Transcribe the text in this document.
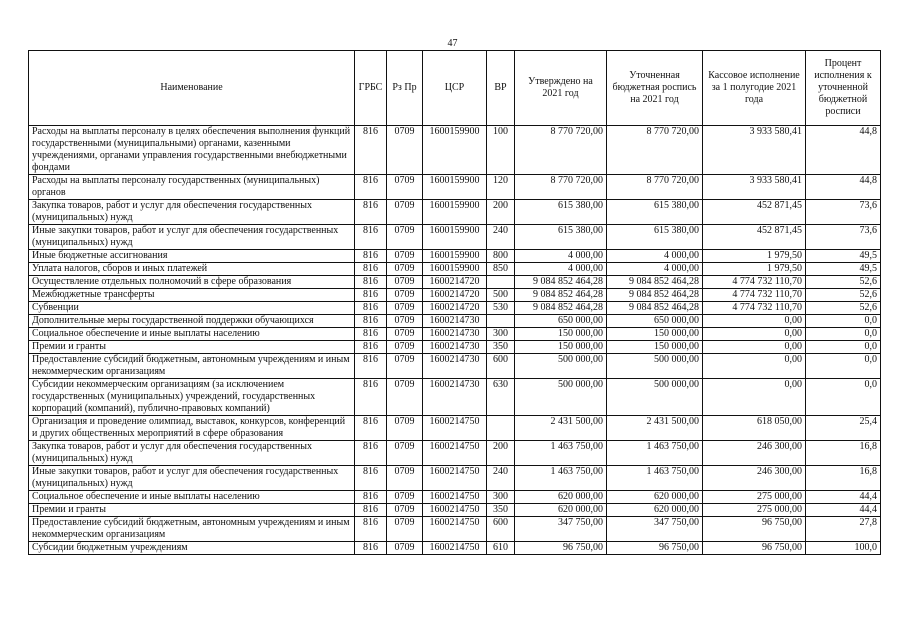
47
Наименование	ГРБС	Рз Пр	ЦСР	ВР	Утверждено на 2021 год	Уточненная бюджетная роспись на 2021 год	Кассовое исполнение за 1 полугодие 2021 года	Процент исполнения к уточненной бюджетной росписи
Расходы на выплаты персоналу в целях обеспечения выполнения функций государственными (муниципальными) органами, казенными учреждениями, органами управления государственными внебюджетными фондами	816	0709	1600159900	100	8 770 720,00	8 770 720,00	3 933 580,41	44,8
Расходы на выплаты персоналу государственных (муниципальных) органов	816	0709	1600159900	120	8 770 720,00	8 770 720,00	3 933 580,41	44,8
Закупка товаров, работ и услуг для обеспечения государственных (муниципальных) нужд	816	0709	1600159900	200	615 380,00	615 380,00	452 871,45	73,6
Иные закупки товаров, работ и услуг для обеспечения государственных (муниципальных) нужд	816	0709	1600159900	240	615 380,00	615 380,00	452 871,45	73,6
Иные бюджетные ассигнования	816	0709	1600159900	800	4 000,00	4 000,00	1 979,50	49,5
Уплата налогов, сборов и иных платежей	816	0709	1600159900	850	4 000,00	4 000,00	1 979,50	49,5
Осуществление отдельных полномочий в сфере образования	816	0709	1600214720		9 084 852 464,28	9 084 852 464,28	4 774 732 110,70	52,6
Межбюджетные трансферты	816	0709	1600214720	500	9 084 852 464,28	9 084 852 464,28	4 774 732 110,70	52,6
Субвенции	816	0709	1600214720	530	9 084 852 464,28	9 084 852 464,28	4 774 732 110,70	52,6
Дополнительные меры государственной поддержки обучающихся	816	0709	1600214730		650 000,00	650 000,00	0,00	0,0
Социальное обеспечение и иные выплаты населению	816	0709	1600214730	300	150 000,00	150 000,00	0,00	0,0
Премии и гранты	816	0709	1600214730	350	150 000,00	150 000,00	0,00	0,0
Предоставление субсидий бюджетным, автономным учреждениям и иным некоммерческим организациям	816	0709	1600214730	600	500 000,00	500 000,00	0,00	0,0
Субсидии некоммерческим организациям (за исключением государственных (муниципальных) учреждений, государственных корпораций (компаний), публично-правовых компаний)	816	0709	1600214730	630	500 000,00	500 000,00	0,00	0,0
Организация и проведение олимпиад, выставок, конкурсов, конференций и других общественных мероприятий в сфере образования	816	0709	1600214750		2 431 500,00	2 431 500,00	618 050,00	25,4
Закупка товаров, работ и услуг для обеспечения государственных (муниципальных) нужд	816	0709	1600214750	200	1 463 750,00	1 463 750,00	246 300,00	16,8
Иные закупки товаров, работ и услуг для обеспечения государственных (муниципальных) нужд	816	0709	1600214750	240	1 463 750,00	1 463 750,00	246 300,00	16,8
Социальное обеспечение и иные выплаты населению	816	0709	1600214750	300	620 000,00	620 000,00	275 000,00	44,4
Премии и гранты	816	0709	1600214750	350	620 000,00	620 000,00	275 000,00	44,4
Предоставление субсидий бюджетным, автономным учреждениям и иным некоммерческим организациям	816	0709	1600214750	600	347 750,00	347 750,00	96 750,00	27,8
Субсидии бюджетным учреждениям	816	0709	1600214750	610	96 750,00	96 750,00	96 750,00	100,0
